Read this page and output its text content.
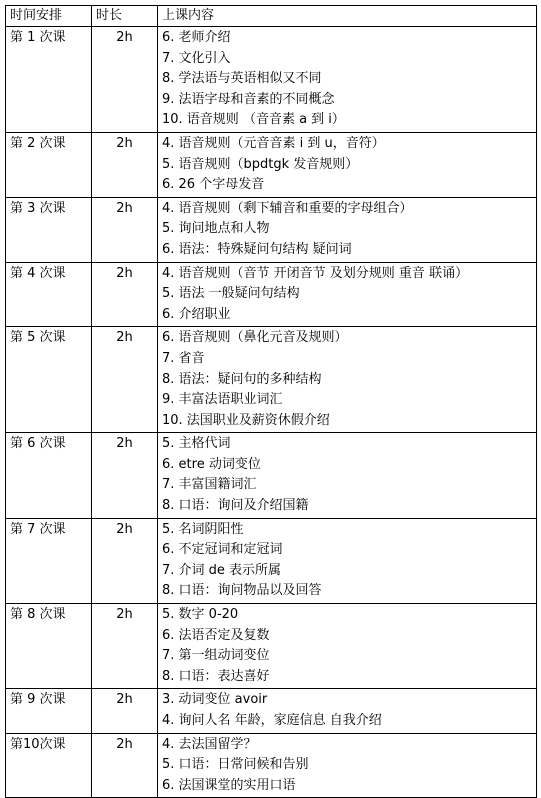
时间安排	时长	上课内容
第 1 次课	2h	6. 老师介绍
7. 文化引入
8. 学法语与英语相似又不同
9. 法语字母和音素的不同概念
10. 语音规则 （音音素 a 到 i）

第 2 次课	2h	4. 语音规则（元音音素 i 到 u，音符）
5. 语音规则（bpdtgk 发音规则）
6. 26 个字母发音

第 3 次课	2h	4. 语音规则（剩下辅音和重要的字母组合）
5. 询问地点和人物
6. 语法：特殊疑问句结构 疑问词

第 4 次课	2h	4. 语音规则（音节 开闭音节 及划分规则 重音 联诵）
5. 语法 一般疑问句结构
6. 介绍职业

第 5 次课	2h	6. 语音规则（鼻化元音及规则）
7. 省音
8. 语法：疑问句的多种结构
9. 丰富法语职业词汇
10. 法国职业及薪资休假介绍

第 6 次课	2h	5. 主格代词
6. etre 动词变位
7. 丰富国籍词汇
8. 口语：询问及介绍国籍

第 7 次课	2h	5. 名词阴阳性
6. 不定冠词和定冠词
7. 介词 de 表示所属
8. 口语：询问物品以及回答

第 8 次课	2h	5. 数字 0-20
6. 法语否定及复数
7. 第一组动词变位
8. 口语：表达喜好

第 9 次课	2h	3. 动词变位 avoir
4. 询问人名 年龄，家庭信息 自我介绍

第10次课	2h	4. 去法国留学？
5. 口语：日常问候和告别
6. 法国课堂的实用口语
